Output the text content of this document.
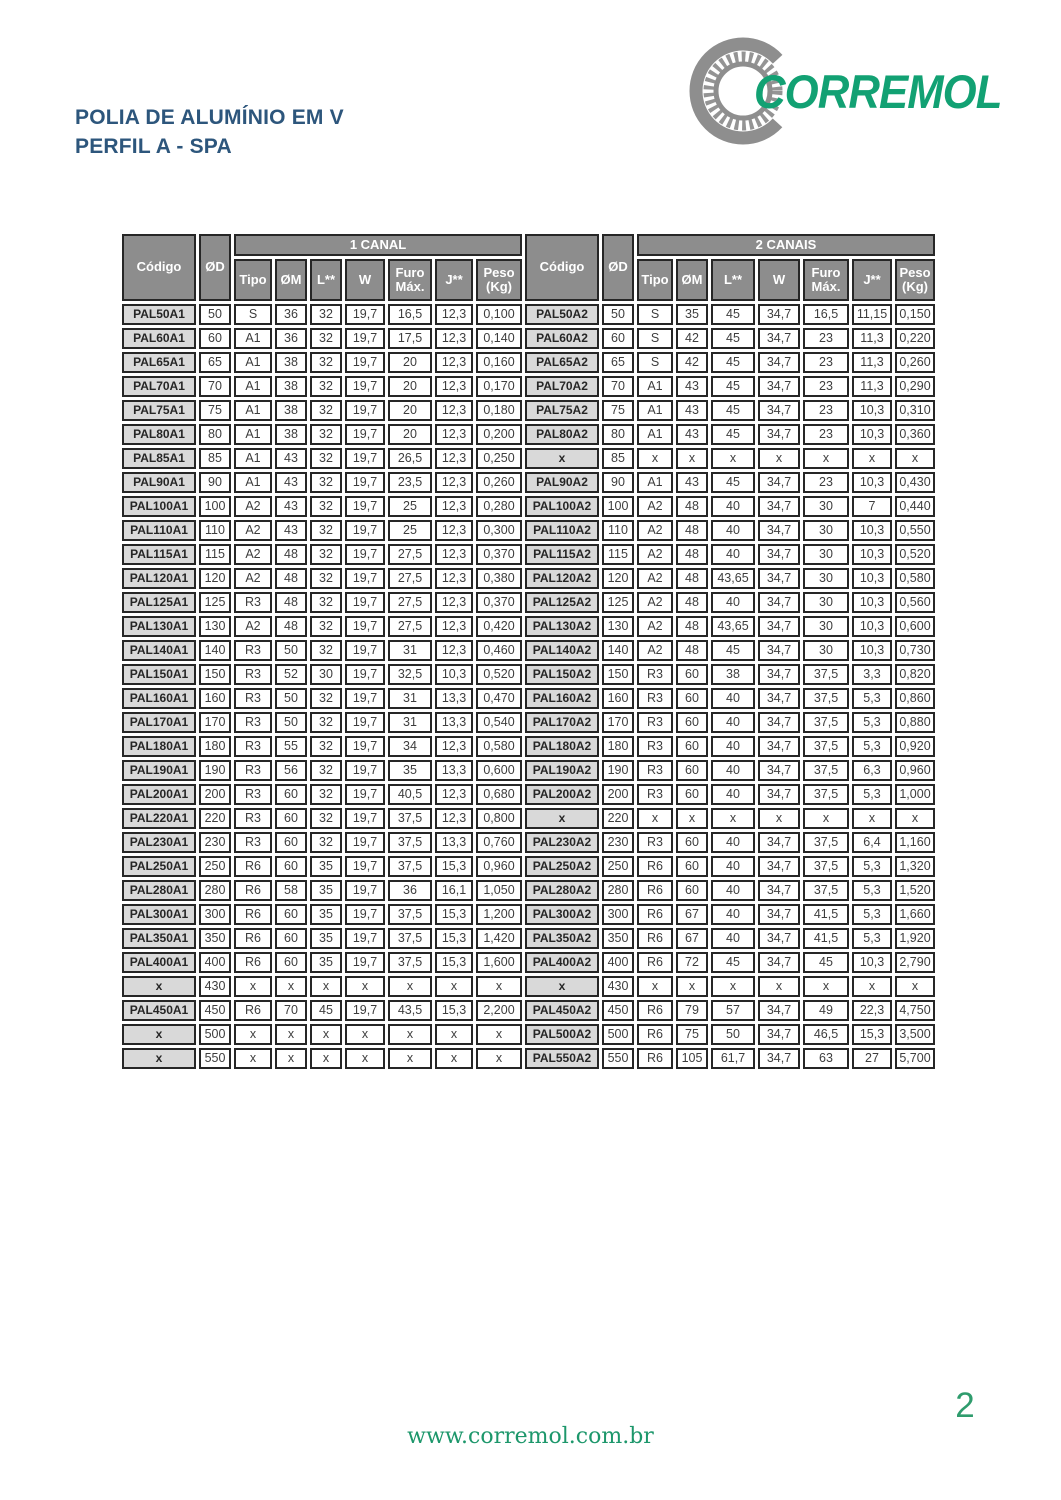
POLIA DE ALUMÍNIO EM V
PERFIL A - SPA
CORREMOL
Código	ØD	1 CANAL							Código	ØD	2 CANAIS						
		Tipo	ØM	L**	W	Furo Máx.	J**	Peso (Kg)			Tipo	ØM	L**	W	Furo Máx.	J**	Peso (Kg)
PAL50A1	50	S	36	32	19,7	16,5	12,3	0,100	PAL50A2	50	S	35	45	34,7	16,5	11,15	0,150
PAL60A1	60	A1	36	32	19,7	17,5	12,3	0,140	PAL60A2	60	S	42	45	34,7	23	11,3	0,220
PAL65A1	65	A1	38	32	19,7	20	12,3	0,160	PAL65A2	65	S	42	45	34,7	23	11,3	0,260
PAL70A1	70	A1	38	32	19,7	20	12,3	0,170	PAL70A2	70	A1	43	45	34,7	23	11,3	0,290
PAL75A1	75	A1	38	32	19,7	20	12,3	0,180	PAL75A2	75	A1	43	45	34,7	23	10,3	0,310
PAL80A1	80	A1	38	32	19,7	20	12,3	0,200	PAL80A2	80	A1	43	45	34,7	23	10,3	0,360
PAL85A1	85	A1	43	32	19,7	26,5	12,3	0,250	x	85	x	x	x	x	x	x	x
PAL90A1	90	A1	43	32	19,7	23,5	12,3	0,260	PAL90A2	90	A1	43	45	34,7	23	10,3	0,430
PAL100A1	100	A2	43	32	19,7	25	12,3	0,280	PAL100A2	100	A2	48	40	34,7	30	7	0,440
PAL110A1	110	A2	43	32	19,7	25	12,3	0,300	PAL110A2	110	A2	48	40	34,7	30	10,3	0,550
PAL115A1	115	A2	48	32	19,7	27,5	12,3	0,370	PAL115A2	115	A2	48	40	34,7	30	10,3	0,520
PAL120A1	120	A2	48	32	19,7	27,5	12,3	0,380	PAL120A2	120	A2	48	43,65	34,7	30	10,3	0,580
PAL125A1	125	R3	48	32	19,7	27,5	12,3	0,370	PAL125A2	125	A2	48	40	34,7	30	10,3	0,560
PAL130A1	130	A2	48	32	19,7	27,5	12,3	0,420	PAL130A2	130	A2	48	43,65	34,7	30	10,3	0,600
PAL140A1	140	R3	50	32	19,7	31	12,3	0,460	PAL140A2	140	A2	48	45	34,7	30	10,3	0,730
PAL150A1	150	R3	52	30	19,7	32,5	10,3	0,520	PAL150A2	150	R3	60	38	34,7	37,5	3,3	0,820
PAL160A1	160	R3	50	32	19,7	31	13,3	0,470	PAL160A2	160	R3	60	40	34,7	37,5	5,3	0,860
PAL170A1	170	R3	50	32	19,7	31	13,3	0,540	PAL170A2	170	R3	60	40	34,7	37,5	5,3	0,880
PAL180A1	180	R3	55	32	19,7	34	12,3	0,580	PAL180A2	180	R3	60	40	34,7	37,5	5,3	0,920
PAL190A1	190	R3	56	32	19,7	35	13,3	0,600	PAL190A2	190	R3	60	40	34,7	37,5	6,3	0,960
PAL200A1	200	R3	60	32	19,7	40,5	12,3	0,680	PAL200A2	200	R3	60	40	34,7	37,5	5,3	1,000
PAL220A1	220	R3	60	32	19,7	37,5	12,3	0,800	x	220	x	x	x	x	x	x	x
PAL230A1	230	R3	60	32	19,7	37,5	13,3	0,760	PAL230A2	230	R3	60	40	34,7	37,5	6,4	1,160
PAL250A1	250	R6	60	35	19,7	37,5	15,3	0,960	PAL250A2	250	R6	60	40	34,7	37,5	5,3	1,320
PAL280A1	280	R6	58	35	19,7	36	16,1	1,050	PAL280A2	280	R6	60	40	34,7	37,5	5,3	1,520
PAL300A1	300	R6	60	35	19,7	37,5	15,3	1,200	PAL300A2	300	R6	67	40	34,7	41,5	5,3	1,660
PAL350A1	350	R6	60	35	19,7	37,5	15,3	1,420	PAL350A2	350	R6	67	40	34,7	41,5	5,3	1,920
PAL400A1	400	R6	60	35	19,7	37,5	15,3	1,600	PAL400A2	400	R6	72	45	34,7	45	10,3	2,790
x	430	x	x	x	x	x	x	x	x	430	x	x	x	x	x	x	x
PAL450A1	450	R6	70	45	19,7	43,5	15,3	2,200	PAL450A2	450	R6	79	57	34,7	49	22,3	4,750
x	500	x	x	x	x	x	x	x	PAL500A2	500	R6	75	50	34,7	46,5	15,3	3,500
x	550	x	x	x	x	x	x	x	PAL550A2	550	R6	105	61,7	34,7	63	27	5,700
www.corremol.com.br
2
